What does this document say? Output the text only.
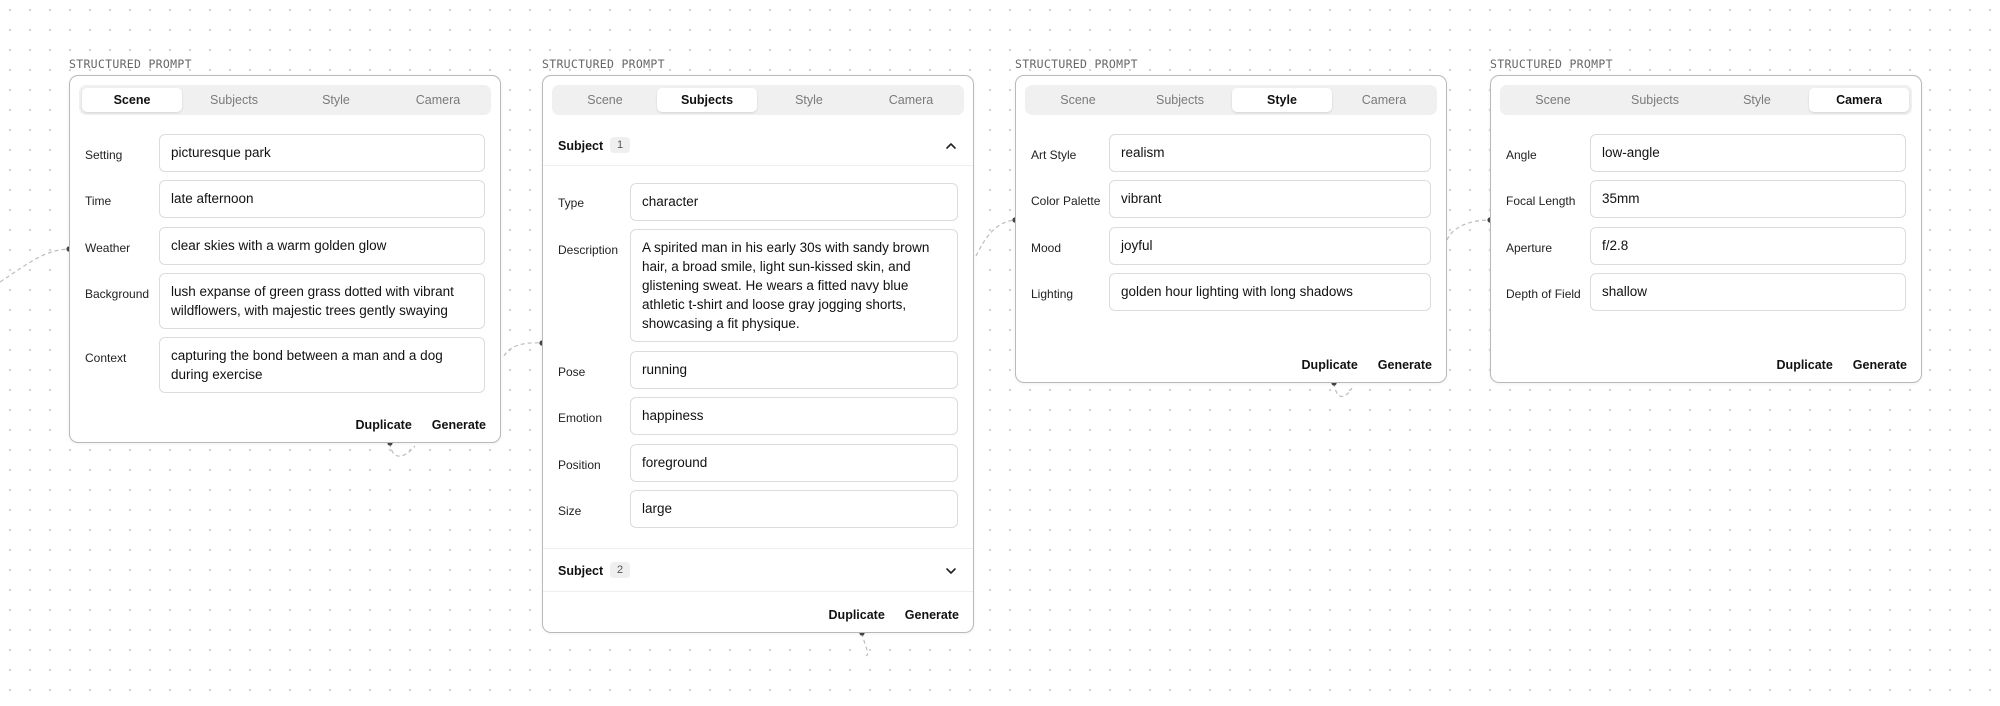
STRUCTURED PROMPT
Scene	Subjects	Style	Camera
Setting	picturesque park
Time	late afternoon
Weather	clear skies with a warm golden glow
Background	lush expanse of green grass dotted with vibrant wildflowers, with majestic trees gently swaying
Context	capturing the bond between a man and a dog during exercise
Duplicate Generate
STRUCTURED PROMPT
Scene	Subjects	Style	Camera
Subject	1
Type	character
Description	A spirited man in his early 30s with sandy brown hair, a broad smile, light sun-kissed skin, and glistening sweat. He wears a fitted navy blue athletic t-shirt and loose gray jogging shorts, showcasing a fit physique.
Pose	running
Emotion	happiness
Position	foreground
Size	large
Subject	2
Duplicate Generate
STRUCTURED PROMPT
Scene	Subjects	Style	Camera
Art Style	realism
Color Palette	vibrant
Mood	joyful
Lighting	golden hour lighting with long shadows
Duplicate Generate
STRUCTURED PROMPT
Scene	Subjects	Style	Camera
Angle	low-angle
Focal Length	35mm
Aperture	f/2.8
Depth of Field	shallow
Duplicate Generate
